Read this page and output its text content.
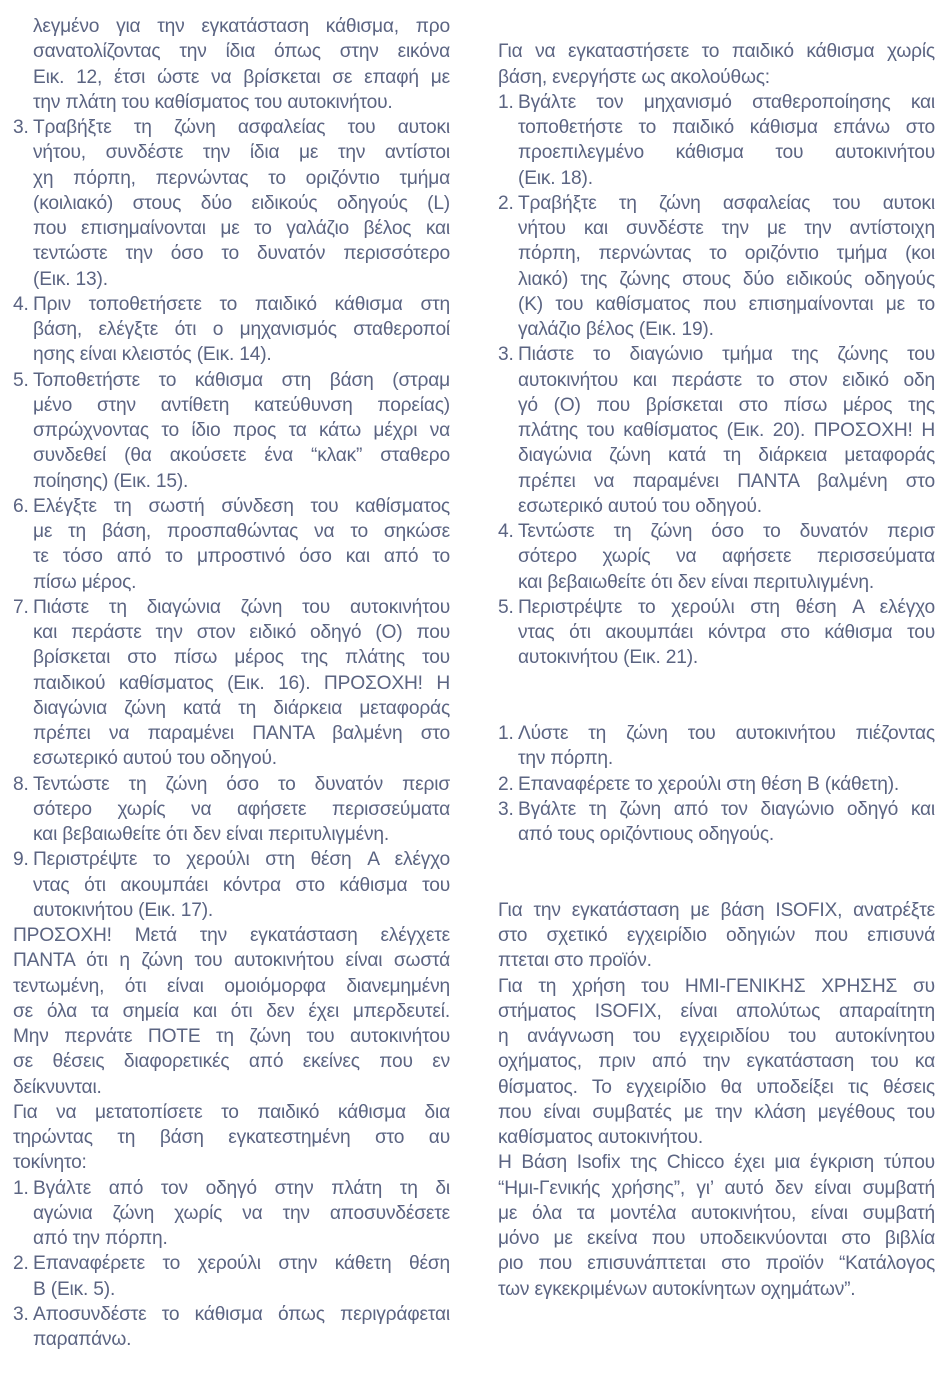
λεγμένο για την εγκατάσταση κάθισμα, προ
σανατολίζοντας την ίδια όπως στην εικόνα
Εικ. 12, έτσι ώστε να βρίσκεται σε επαφή με
την πλάτη του καθίσματος του αυτοκινήτου.
3. Τραβήξτε τη ζώνη ασφαλείας του αυτοκι
νήτου, συνδέστε την ίδια με την αντίστοι
χη πόρπη, περνώντας το οριζόντιο τμήμα
(κοιλιακό) στους δύο ειδικούς οδηγούς (L)
που επισημαίνονται με το γαλάζιο βέλος και
τεντώστε την όσο το δυνατόν περισσότερο
(Εικ. 13).
4. Πριν τοποθετήσετε το παιδικό κάθισμα στη
βάση, ελέγξτε ότι ο μηχανισμός σταθεροποί
ησης είναι κλειστός (Εικ. 14).
5. Τοποθετήστε το κάθισμα στη βάση (στραμ
μένο στην αντίθετη κατεύθυνση πορείας)
σπρώχνοντας το ίδιο προς τα κάτω μέχρι να
συνδεθεί (θα ακούσετε ένα “κλακ” σταθερο
ποίησης) (Εικ. 15).
6. Ελέγξτε τη σωστή σύνδεση του καθίσματος
με τη βάση, προσπαθώντας να το σηκώσε
τε τόσο από το μπροστινό όσο και από το
πίσω μέρος.
7. Πιάστε τη διαγώνια ζώνη του αυτοκινήτου
και περάστε την στον ειδικό οδηγό (O) που
βρίσκεται στο πίσω μέρος της πλάτης του
παιδικού καθίσματος (Εικ. 16). ΠΡΟΣΟΧΗ! Η
διαγώνια ζώνη κατά τη διάρκεια μεταφοράς
πρέπει να παραμένει ΠΑΝΤΑ βαλμένη στο
εσωτερικό αυτού του οδηγού.
8. Τεντώστε τη ζώνη όσο το δυνατόν περισ
σότερο χωρίς να αφήσετε περισσεύματα
και βεβαιωθείτε ότι δεν είναι περιτυλιγμένη.
9. Περιστρέψτε το χερούλι στη θέση A ελέγχο
ντας ότι ακουμπάει κόντρα στο κάθισμα του
αυτοκινήτου (Εικ. 17).
ΠΡΟΣΟΧΗ! Μετά την εγκατάσταση ελέγχετε
ΠΑΝΤΑ ότι η ζώνη του αυτοκινήτου είναι σωστά
τεντωμένη, ότι είναι ομοιόμορφα διανεμημένη
σε όλα τα σημεία και ότι δεν έχει μπερδευτεί.
Μην περνάτε ΠΟΤΕ τη ζώνη του αυτοκινήτου
σε θέσεις διαφορετικές από εκείνες που εν
δείκνυνται.
Για να μετατοπίσετε το παιδικό κάθισμα δια
τηρώντας τη βάση εγκατεστημένη στο αυ
τοκίνητο:
1. Βγάλτε από τον οδηγό στην πλάτη τη δι
αγώνια ζώνη χωρίς να την αποσυνδέσετε
από την πόρπη.
2. Επαναφέρετε το χερούλι στην κάθετη θέση
B (Εικ. 5).
3. Αποσυνδέστε το κάθισμα όπως περιγράφεται
παραπάνω.
Για να εγκαταστήσετε το παιδικό κάθισμα χωρίς
βάση, ενεργήστε ως ακολούθως:
1. Βγάλτε τον μηχανισμό σταθεροποίησης και
τοποθετήστε το παιδικό κάθισμα επάνω στο
προεπιλεγμένο κάθισμα του αυτοκινήτου
(Εικ. 18).
2. Τραβήξτε τη ζώνη ασφαλείας του αυτοκι
νήτου και συνδέστε την με την αντίστοιχη
πόρπη, περνώντας το οριζόντιο τμήμα (κοι
λιακό) της ζώνης στους δύο ειδικούς οδηγούς
(K) του καθίσματος που επισημαίνονται με το
γαλάζιο βέλος (Εικ. 19).
3. Πιάστε το διαγώνιο τμήμα της ζώνης του
αυτοκινήτου και περάστε το στον ειδικό οδη
γό (O) που βρίσκεται στο πίσω μέρος της
πλάτης του καθίσματος (Εικ. 20). ΠΡΟΣΟΧΗ! Η
διαγώνια ζώνη κατά τη διάρκεια μεταφοράς
πρέπει να παραμένει ΠΑΝΤΑ βαλμένη στο
εσωτερικό αυτού του οδηγού.
4. Τεντώστε τη ζώνη όσο το δυνατόν περισ
σότερο χωρίς να αφήσετε περισσεύματα
και βεβαιωθείτε ότι δεν είναι περιτυλιγμένη.
5. Περιστρέψτε το χερούλι στη θέση A ελέγχο
ντας ότι ακουμπάει κόντρα στο κάθισμα του
αυτοκινήτου (Εικ. 21).
1. Λύστε τη ζώνη του αυτοκινήτου πιέζοντας
την πόρπη.
2. Επαναφέρετε το χερούλι στη θέση B (κάθετη).
3. Βγάλτε τη ζώνη από τον διαγώνιο οδηγό και
από τους οριζόντιους οδηγούς.
Για την εγκατάσταση με βάση ISOFIX, ανατρέξτε
στο σχετικό εγχειρίδιο οδηγιών που επισυνά
πτεται στο προϊόν.
Για τη χρήση του ΗΜΙ-ΓΕΝΙΚΗΣ ΧΡΗΣΗΣ συ
στήματος ISOFIX, είναι απολύτως απαραίτητη
η ανάγνωση του εγχειριδίου του αυτοκίνητου
οχήματος, πριν από την εγκατάσταση του κα
θίσματος. Το εγχειρίδιο θα υποδείξει τις θέσεις
που είναι συμβατές με την κλάση μεγέθους του
καθίσματος αυτοκινήτου.
Η Βάση Isofix της Chicco έχει μια έγκριση τύπου
“Ημι-Γενικής χρήσης”, γι’ αυτό δεν είναι συμβατή
με όλα τα μοντέλα αυτοκινήτου, είναι συμβατή
μόνο με εκείνα που υποδεικνύονται στο βιβλία
ριο που επισυνάπτεται στο προϊόν “Κατάλογος
των εγκεκριμένων αυτοκίνητων οχημάτων”.
